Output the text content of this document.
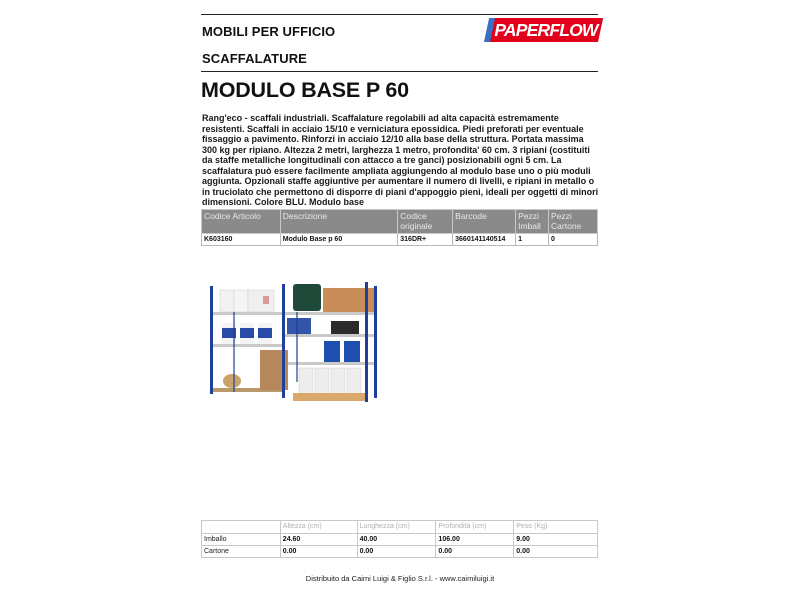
MOBILI PER UFFICIO	PAPERFLOW
SCAFFALATURE
MODULO BASE P 60
Rang'eco - scaffali industriali. Scaffalature regolabili ad alta capacità estremamente resistenti. Scaffali in acciaio 15/10 e verniciatura epossidica. Piedi preforati per eventuale fissaggio a pavimento. Rinforzi in acciaio 12/10 alla base della struttura. Portata massima 300 kg per ripiano. Altezza 2 metri, larghezza 1 metro, profondita' 60 cm. 3 ripiani (costituiti da staffe metalliche longitudinali con attacco a tre ganci) posizionabili ogni 5 cm. La scaffalatura può essere facilmente ampliata aggiungendo al modulo base uno o più moduli aggiunta. Opzionali staffe aggiuntive per aumentare il numero di livelli, e ripiani in metallo o in truciolato che permettono di disporre di piani d'appoggio pieni, ideali per oggetti di minori dimensioni. Colore BLU. Modulo base
Codice Articolo	Descrizione	Codice originale	Barcode	Pezzi Imball	Pezzi Cartone
K603160	Modulo Base p 60	316DR+	3660141140514	1	0
	Altezza (cm)	Lunghezza (cm)	Profondità (cm)	Peso (Kg)
Imballo	24.60	40.00	106.00	9.00
Cartone	0.00	0.00	0.00	0.00
Distribuito da Caimi Luigi & Figlio S.r.l. - www.caimiluigi.it
